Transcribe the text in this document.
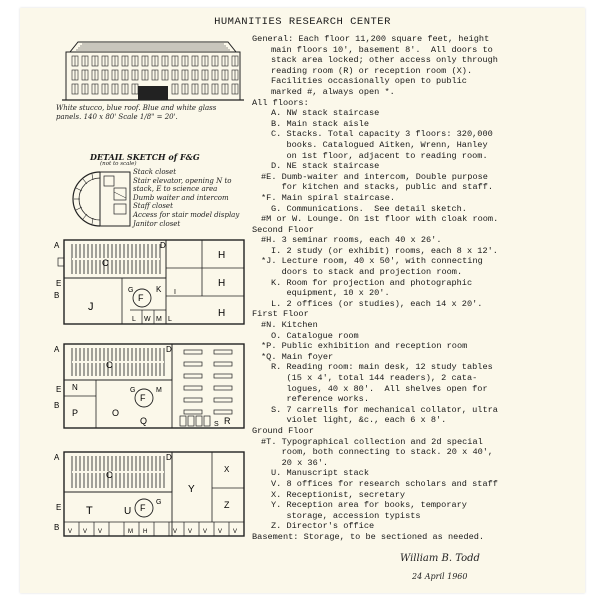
HUMANITIES RESEARCH CENTER
White stucco, blue roof. Blue and white glass
panels. 140 x 80' Scale 1/8" = 20'.
DETAIL SKETCH of F&G
(not to scale)
Stack closet
Stair elevator, opening N to
stack, E to science area
Dumb waiter and intercom
Staff closet
Access for stair model display
Janitor closet
A
E
B
C
D
J
F
G	K I
H
H
H
L W M L
A
E
B
C
D
N
P	O
F
G	M
Q	R
S
A
E
B
C
D
T	U F
G
Y
X
Z
V V V	M H	V V V V V
General: Each floor 11,200 square feet, height
main floors 10', basement 8'.  All doors to
stack area locked; other access only through
reading room (R) or reception room (X).
Facilities occasionally open to public
marked #, always open *.
All floors:
A. NW stack staircase
B. Main stack aisle
C. Stacks. Total capacity 3 floors: 320,000
books. Catalogued Aitken, Wrenn, Hanley
on 1st floor, adjacent to reading room.
D. NE stack staircase
#E. Dumb-waiter and intercom, Double purpose
for kitchen and stacks, public and staff.
*F. Main spiral staircase.
G. Communications.  See detail sketch.
#M or W. Lounge. On 1st floor with cloak room.
Second Floor
#H. 3 seminar rooms, each 40 x 26'.
I. 2 study (or exhibit) rooms, each 8 x 12'.
*J. Lecture room, 40 x 50', with connecting
doors to stack and projection room.
K. Room for projection and photographic
equipment, 10 x 20'.
L. 2 offices (or studies), each 14 x 20'.
First Floor
#N. Kitchen
O. Catalogue room
*P. Public exhibition and reception room
*Q. Main foyer
R. Reading room: main desk, 12 study tables
(15 x 4', total 144 readers), 2 cata-
logues, 40 x 80'.  All shelves open for
reference works.
S. 7 carrells for mechanical collator, ultra
violet light, &c., each 6 x 8'.
Ground Floor
#T. Typographical collection and 2d special
room, both connecting to stack. 20 x 40',
20 x 36'.
U. Manuscript stack
V. 8 offices for research scholars and staff
X. Receptionist, secretary
Y. Reception area for books, temporary
storage, accession typists
Z. Director's office
Basement: Storage, to be sectioned as needed.
William B. Todd
24 April 1960
